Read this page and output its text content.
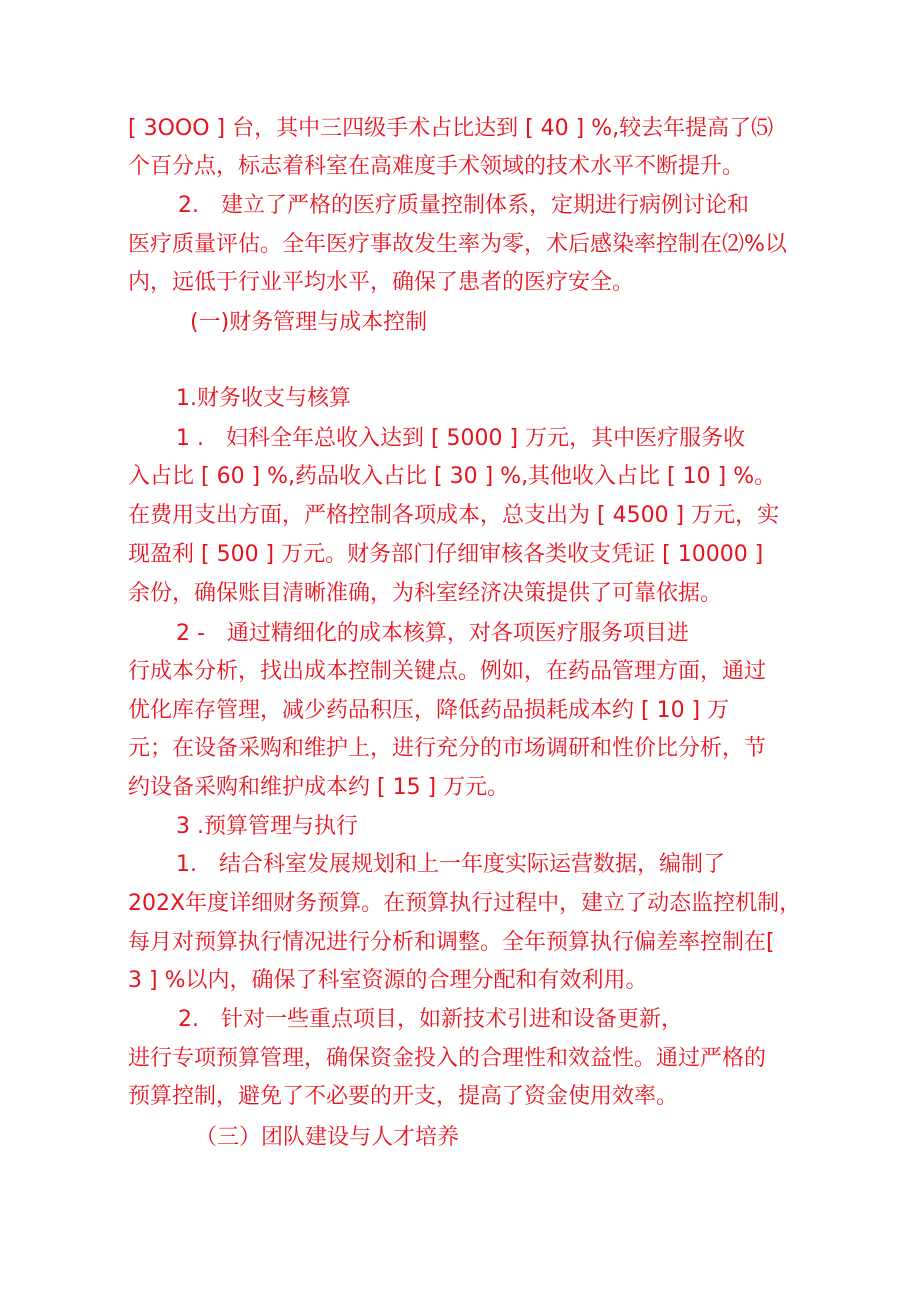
[ 3OOO ] 台，其中三四级手术占比达到 [ 40 ] %,较去年提高了⑸
个百分点，标志着科室在高难度手术领域的技术水平不断提升。
2.　建立了严格的医疗质量控制体系，定期进行病例讨论和
医疗质量评估。全年医疗事故发生率为零，术后感染率控制在⑵%以
内，远低于行业平均水平，确保了患者的医疗安全。
(一)财务管理与成本控制
1.财务收支与核算
1 .　妇科全年总收入达到 [ 5000 ] 万元，其中医疗服务收
入占比 [ 60 ] %,药品收入占比 [ 30 ] %,其他收入占比 [ 10 ] %。
在费用支出方面，严格控制各项成本，总支出为 [ 4500 ] 万元，实
现盈利 [ 500 ] 万元。财务部门仔细审核各类收支凭证 [ 10000 ]
余份，确保账目清晰准确，为科室经济决策提供了可靠依据。
2 -　通过精细化的成本核算，对各项医疗服务项目进
行成本分析，找出成本控制关键点。例如，在药品管理方面，通过
优化库存管理，减少药品积压，降低药品损耗成本约 [ 10 ] 万
元；在设备采购和维护上，进行充分的市场调研和性价比分析，节
约设备采购和维护成本约 [ 15 ] 万元。
3 .预算管理与执行
1.　结合科室发展规划和上一年度实际运营数据，编制了
202X年度详细财务预算。在预算执行过程中，建立了动态监控机制，
每月对预算执行情况进行分析和调整。全年预算执行偏差率控制在[
3 ] %以内，确保了科室资源的合理分配和有效利用。
2.　针对一些重点项目，如新技术引进和设备更新，
进行专项预算管理，确保资金投入的合理性和效益性。通过严格的
预算控制，避免了不必要的开支，提高了资金使用效率。
（三）团队建设与人才培养
